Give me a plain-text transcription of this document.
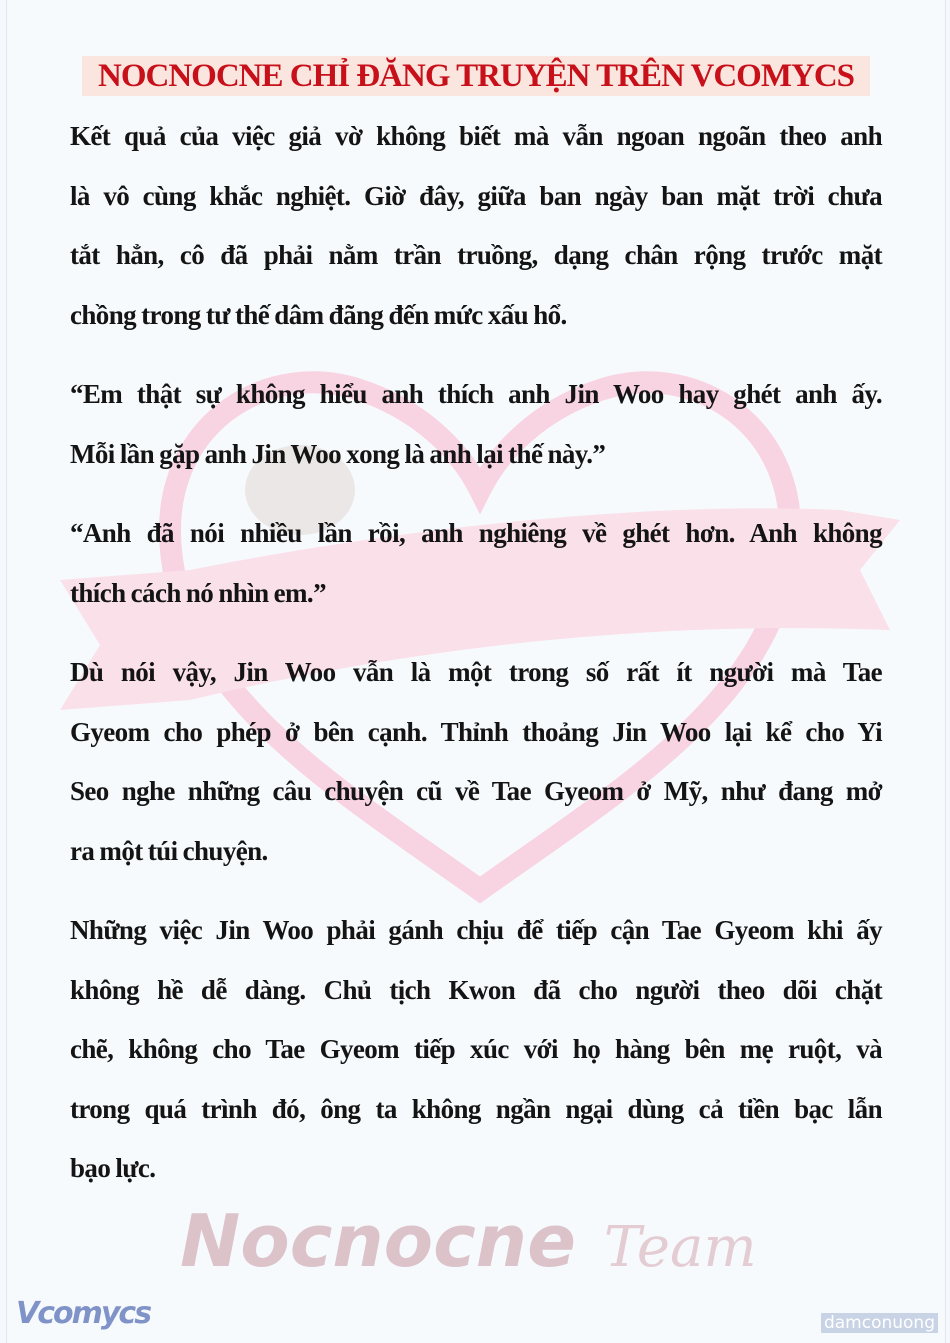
Nocnocne Team
NOCNOCNE CHỈ ĐĂNG TRUYỆN TRÊN VCOMYCS
Kết quả của việc giả vờ không biết mà vẫn ngoan ngoãn theo anh
là vô cùng khắc nghiệt. Giờ đây, giữa ban ngày ban mặt trời chưa
tắt hẳn, cô đã phải nằm trần truồng, dạng chân rộng trước mặt
chồng trong tư thế dâm đãng đến mức xấu hổ.
“Em thật sự không hiểu anh thích anh Jin Woo hay ghét anh ấy.
Mỗi lần gặp anh Jin Woo xong là anh lại thế này.”
“Anh đã nói nhiều lần rồi, anh nghiêng về ghét hơn. Anh không
thích cách nó nhìn em.”
Dù nói vậy, Jin Woo vẫn là một trong số rất ít người mà Tae
Gyeom cho phép ở bên cạnh. Thỉnh thoảng Jin Woo lại kể cho Yi
Seo nghe những câu chuyện cũ về Tae Gyeom ở Mỹ, như đang mở
ra một túi chuyện.
Những việc Jin Woo phải gánh chịu để tiếp cận Tae Gyeom khi ấy
không hề dễ dàng. Chủ tịch Kwon đã cho người theo dõi chặt
chẽ, không cho Tae Gyeom tiếp xúc với họ hàng bên mẹ ruột, và
trong quá trình đó, ông ta không ngần ngại dùng cả tiền bạc lẫn
bạo lực.
Vcomycs	damconuong
